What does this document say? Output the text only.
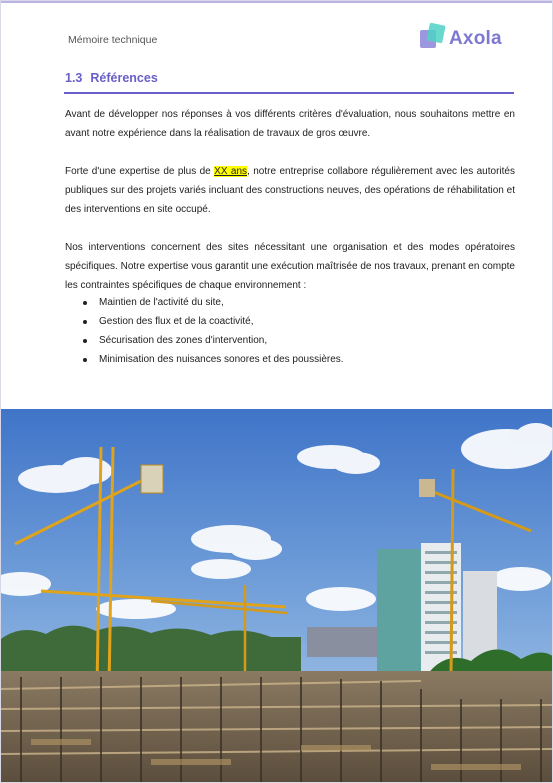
Mémoire technique	Axola
1.3 Références

Avant de développer nos réponses à vos différents critères d'évaluation, nous souhaitons mettre en avant notre expérience dans la réalisation de travaux de gros œuvre.

Forte d'une expertise de plus de XX ans, notre entreprise collabore régulièrement avec les autorités publiques sur des projets variés incluant des constructions neuves, des opérations de réhabilitation et des interventions en site occupé.

Nos interventions concernent des sites nécessitant une organisation et des modes opératoires spécifiques. Notre expertise vous garantit une exécution maîtrisée de nos travaux, prenant en compte les contraintes spécifiques de chaque environnement :

Maintien de l'activité du site,
Gestion des flux et de la coactivité,
Sécurisation des zones d'intervention,
Minimisation des nuisances sonores et des poussières.
